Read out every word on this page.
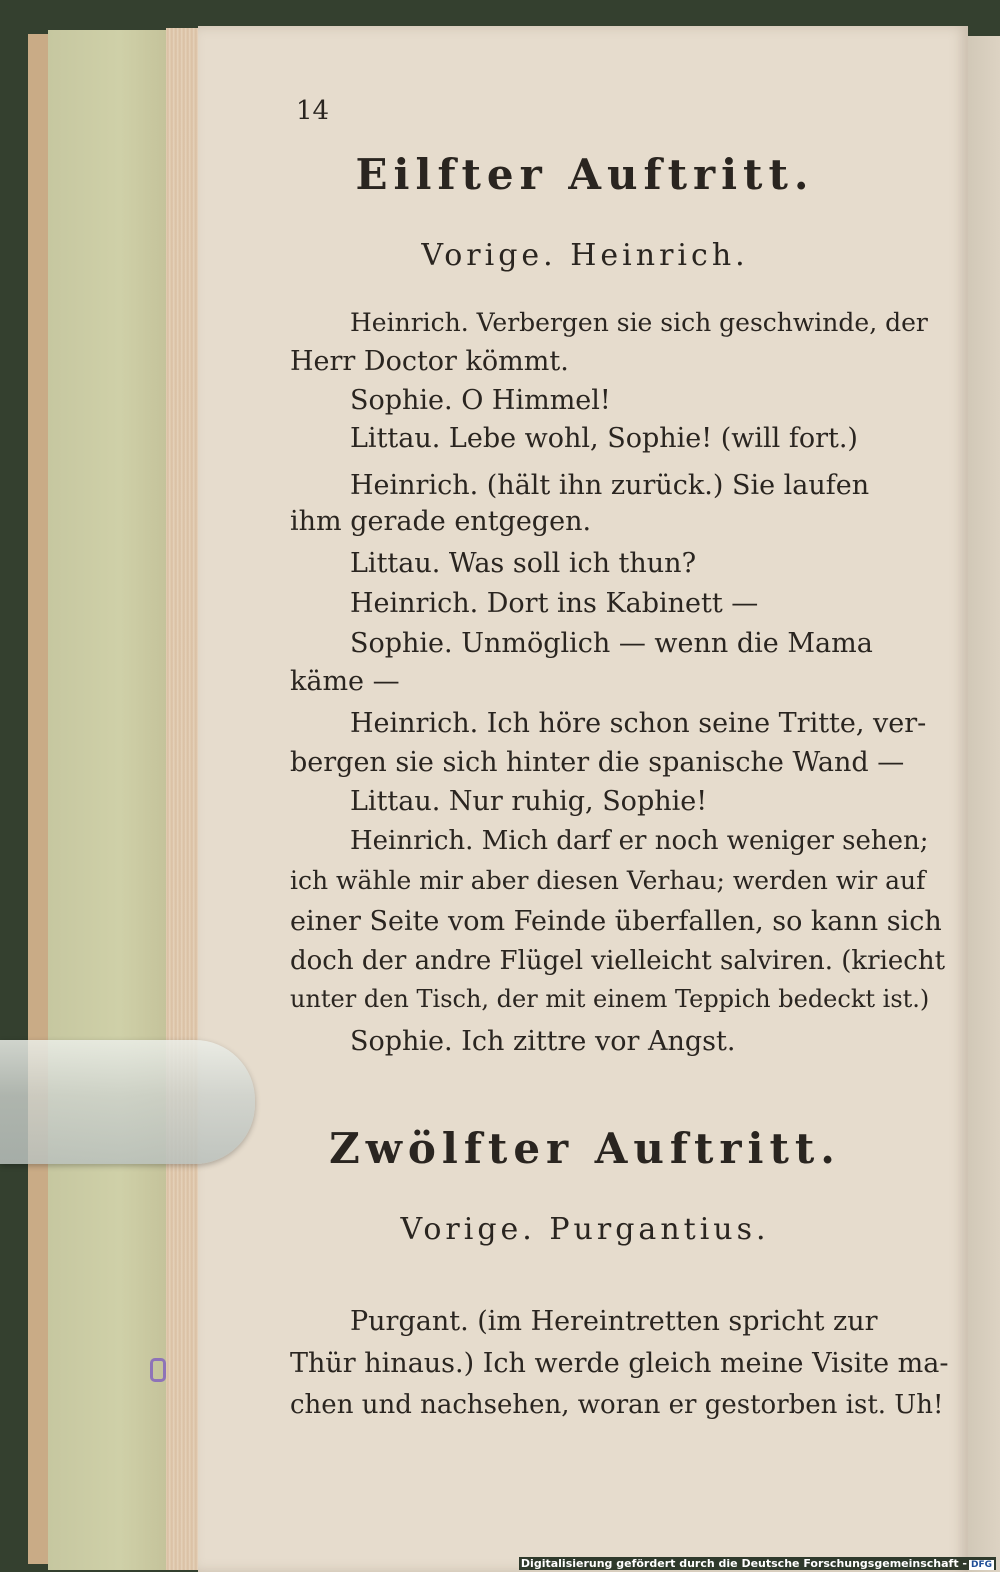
14
Eilfter Auftritt.
Vorige. Heinrich.
Heinrich. Verbergen sie sich geschwinde, der
Herr Doctor kömmt.
Sophie. O Himmel!
Littau. Lebe wohl, Sophie! (will fort.)
Heinrich. (hält ihn zurück.) Sie laufen
ihm gerade entgegen.
Littau. Was soll ich thun?
Heinrich. Dort ins Kabinett —
Sophie. Unmöglich — wenn die Mama
käme —
Heinrich. Ich höre schon seine Tritte, ver-
bergen sie sich hinter die spanische Wand —
Littau. Nur ruhig, Sophie!
Heinrich. Mich darf er noch weniger sehen;
ich wähle mir aber diesen Verhau; werden wir auf
einer Seite vom Feinde überfallen, so kann sich
doch der andre Flügel vielleicht salviren. (kriecht
unter den Tisch, der mit einem Teppich bedeckt ist.)
Sophie. Ich zittre vor Angst.
Zwölfter Auftritt.
Vorige. Purgantius.
Purgant. (im Hereintretten spricht zur
Thür hinaus.) Ich werde gleich meine Visite ma-
chen und nachsehen, woran er gestorben ist. Uh!
Digitalisierung gefördert durch die Deutsche Forschungsgemeinschaft - DFG
